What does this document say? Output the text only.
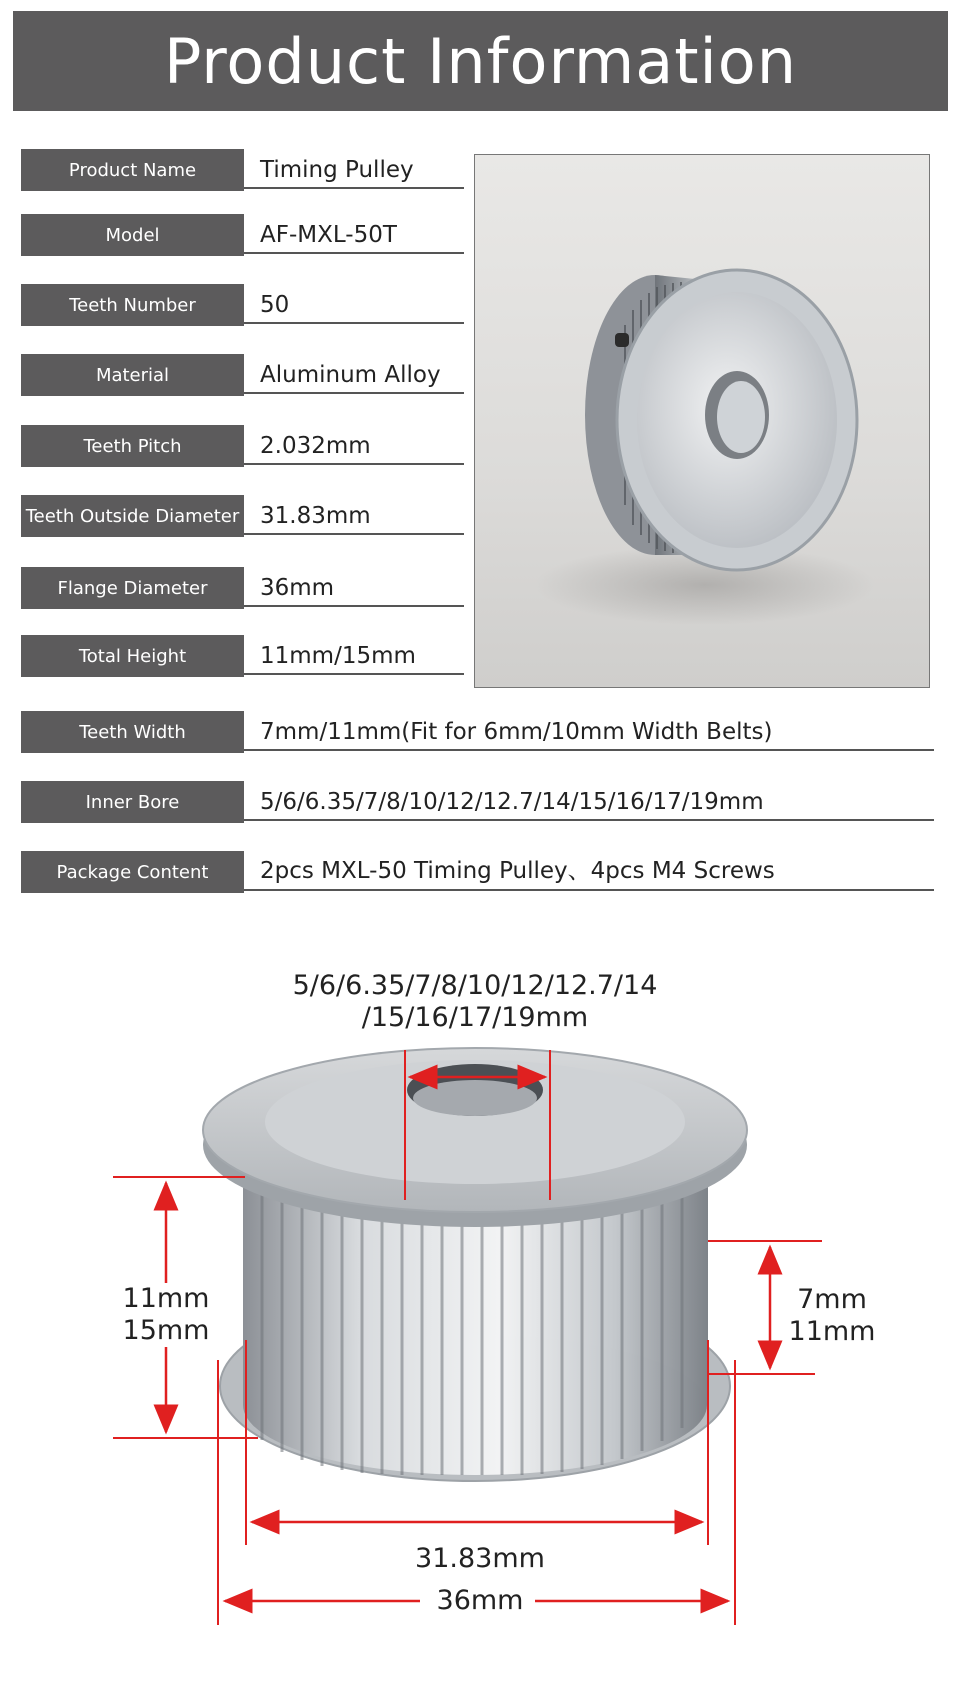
Product Information
Product Name	Timing Pulley
Model	AF-MXL-50T
Teeth Number	50
Material	Aluminum Alloy
Teeth Pitch	2.032mm
Teeth Outside Diameter 31.83mm
Flange Diameter	36mm
Total Height	11mm/15mm
Teeth Width	7mm/11mm(Fit for 6mm/10mm Width Belts)
Inner Bore	5/6/6.35/7/8/10/12/12.7/14/15/16/17/19mm
Package Content	2pcs MXL-50 Timing Pulley、4pcs M4 Screws
5/6/6.35/7/8/10/12/12.7/14
/15/16/17/19mm
11mm
15mm
7mm
11mm
31.83mm
36mm
